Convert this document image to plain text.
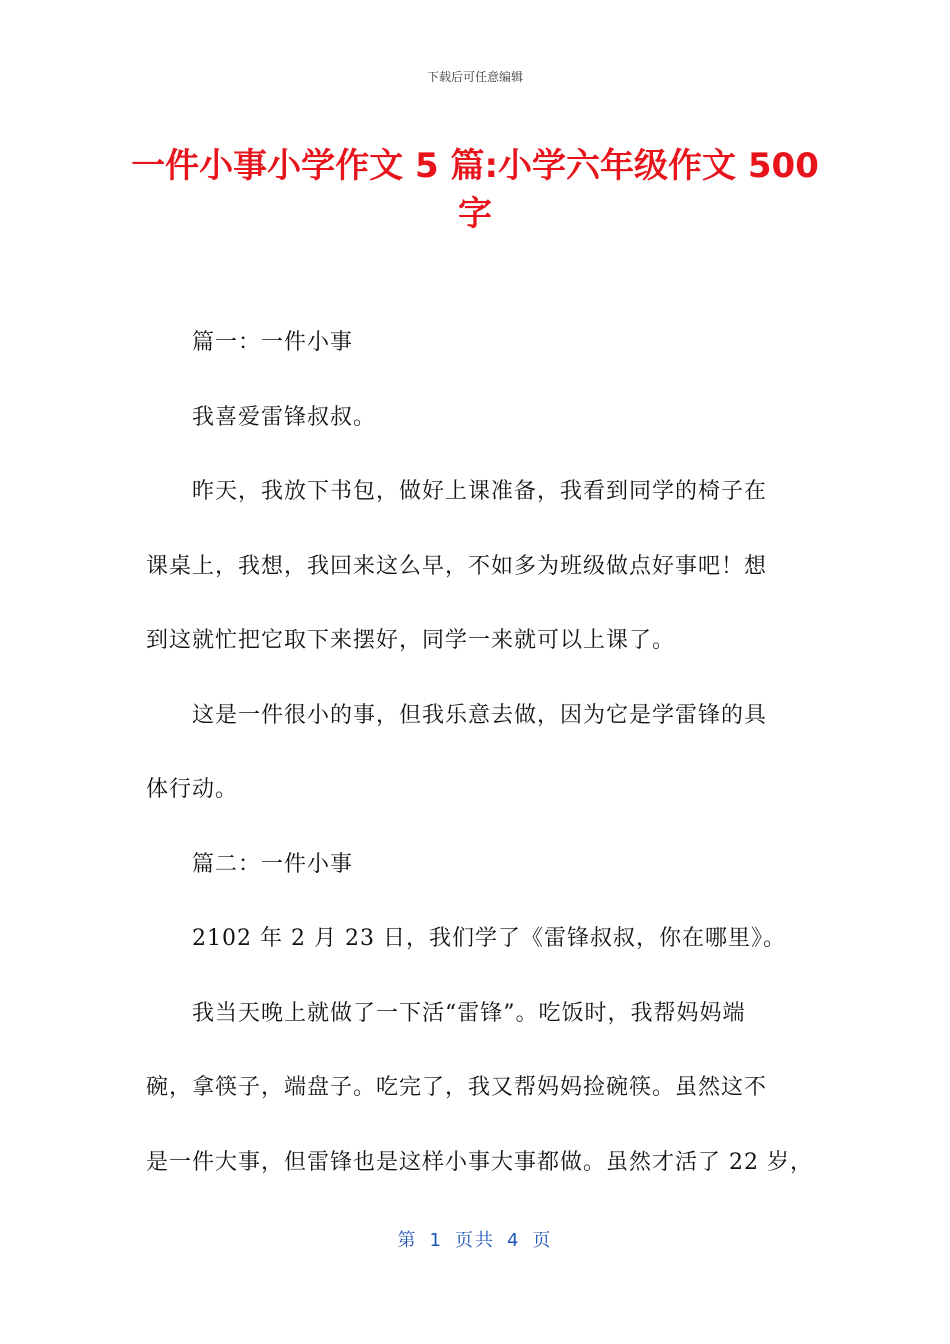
下载后可任意编辑
一件小事小学作文 5 篇:小学六年级作文 500 字
篇一：一件小事
我喜爱雷锋叔叔。
昨天，我放下书包，做好上课准备，我看到同学的椅子在
课桌上，我想，我回来这么早，不如多为班级做点好事吧！想
到这就忙把它取下来摆好，同学一来就可以上课了。
这是一件很小的事，但我乐意去做，因为它是学雷锋的具
体行动。
篇二：一件小事
2102 年 2 月 23 日，我们学了《雷锋叔叔，你在哪里》。
我当天晚上就做了一下活“雷锋”。吃饭时，我帮妈妈端
碗，拿筷子，端盘子。吃完了，我又帮妈妈捡碗筷。虽然这不
是一件大事，但雷锋也是这样小事大事都做。虽然才活了 22 岁，
第 1 页共 4 页
